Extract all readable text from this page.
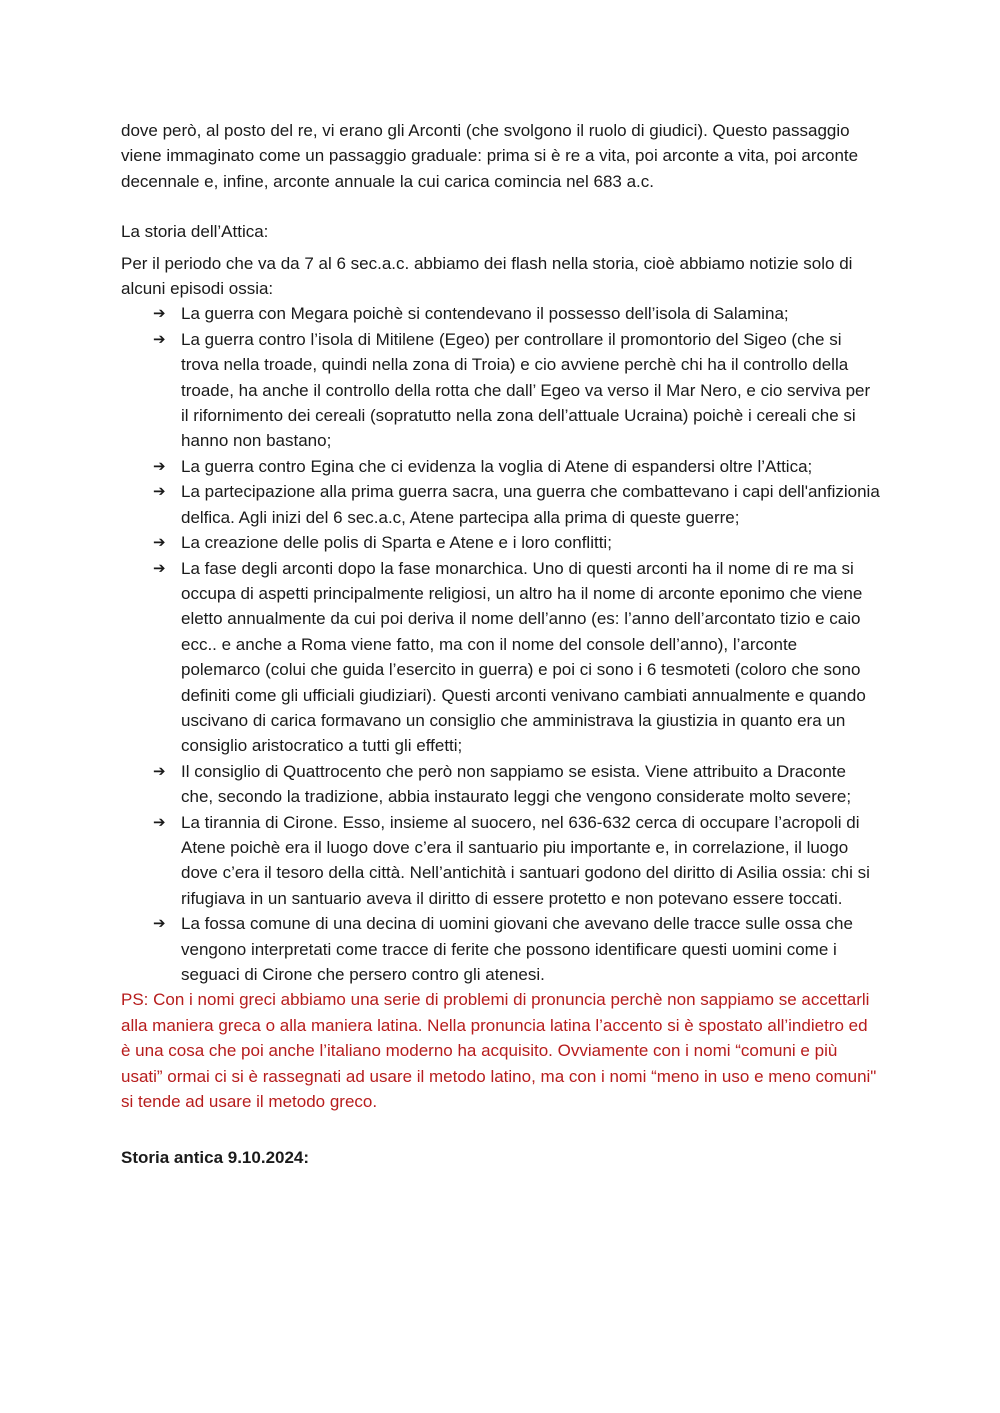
dove però, al posto del re, vi erano gli Arconti (che svolgono il ruolo di giudici). Questo passaggio viene immaginato come un passaggio graduale: prima si è re a vita, poi arconte a vita, poi arconte decennale e, infine, arconte annuale la cui carica comincia nel 683 a.c.

La storia dell’Attica:

Per il periodo che va da 7 al 6 sec.a.c. abbiamo dei flash nella storia, cioè abbiamo notizie solo di alcuni episodi ossia:

➔ La guerra con Megara poichè si contendevano il possesso dell’isola di Salamina;
➔ La guerra contro l’isola di Mitilene (Egeo) per controllare il promontorio del Sigeo (che si trova nella troade, quindi nella zona di Troia) e cio avviene perchè chi ha il controllo della troade, ha anche il controllo della rotta che dall’ Egeo va verso il Mar Nero, e cio serviva per il rifornimento dei cereali (sopratutto nella zona dell’attuale Ucraina) poichè i cereali che si hanno non bastano;
➔ La guerra contro Egina che ci evidenza la voglia di Atene di espandersi oltre l’Attica;
➔ La partecipazione alla prima guerra sacra, una guerra che combattevano i capi dell'anfizionia delfica. Agli inizi del 6 sec.a.c, Atene partecipa alla prima di queste guerre;
➔ La creazione delle polis di Sparta e Atene e i loro conflitti;
➔ La fase degli arconti dopo la fase monarchica. Uno di questi arconti ha il nome di re ma si occupa di aspetti principalmente religiosi, un altro ha il nome di arconte eponimo che viene eletto annualmente da cui poi deriva il nome dell’anno (es: l’anno dell’arcontato tizio e caio ecc.. e anche a Roma viene fatto, ma con il nome del console dell’anno), l’arconte polemarco (colui che guida l’esercito in guerra) e poi ci sono i 6 tesmoteti (coloro che sono definiti come gli ufficiali giudiziari). Questi arconti venivano cambiati annualmente e quando uscivano di carica formavano un consiglio che amministrava la giustizia in quanto era un consiglio aristocratico a tutti gli effetti;
➔ Il consiglio di Quattrocento che però non sappiamo se esista. Viene attribuito a Draconte che, secondo la tradizione, abbia instaurato leggi che vengono considerate molto severe;
➔ La tirannia di Cirone. Esso, insieme al suocero, nel 636-632 cerca di occupare l’acropoli di Atene poichè era il luogo dove c’era il santuario piu importante e, in correlazione, il luogo dove c’era il tesoro della città. Nell’antichità i santuari godono del diritto di Asilia ossia: chi si rifugiava in un santuario aveva il diritto di essere protetto e non potevano essere toccati.
➔ La fossa comune di una decina di uomini giovani che avevano delle tracce sulle ossa che vengono interpretati come tracce di ferite che possono identificare questi uomini come i seguaci di Cirone che persero contro gli atenesi.

PS: Con i nomi greci abbiamo una serie di problemi di pronuncia perchè non sappiamo se accettarli alla maniera greca o alla maniera latina. Nella pronuncia latina l’accento si è spostato all’indietro ed è una cosa che poi anche l’italiano moderno ha acquisito. Ovviamente con i nomi “comuni e più usati” ormai ci si è rassegnati ad usare il metodo latino, ma con i nomi “meno in uso e meno comuni" si tende ad usare il metodo greco.

Storia antica 9.10.2024:
